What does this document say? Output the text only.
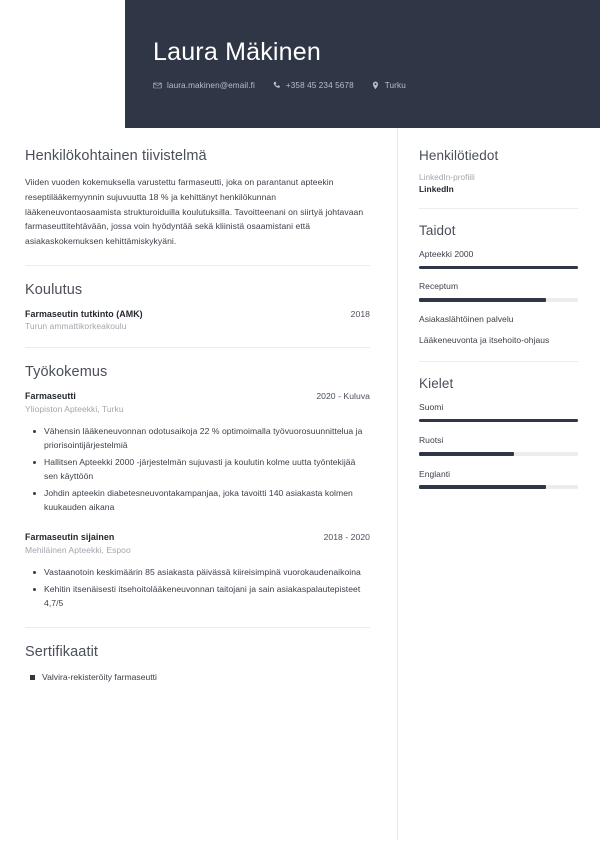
Laura Mäkinen
laura.makinen@email.fi	+358 45 234 5678	Turku
Henkilökohtainen tiivistelmä

Viiden vuoden kokemuksella varustettu farmaseutti, joka on parantanut apteekin reseptilääkemyynnin sujuvuutta 18 % ja kehittänyt henkilökunnan lääkeneuvontaosaamista strukturoiduilla koulutuksilla. Tavoitteenani on siirtyä johtavaan farmaseuttitehtävään, jossa voin hyödyntää sekä kliinistä osaamistani että asiakaskokemuksen kehittämiskykyäni.

Koulutus
Farmaseutin tutkinto (AMK)	2018
Turun ammattikorkeakoulu
Työkokemus
Farmaseutti	2020 - Kuluva
Yliopiston Apteekki, Turku
Vähensin lääkeneuvonnan odotusaikoja 22 % optimoimalla työvuorosuunnittelua ja priorisointijärjestelmiä
Hallitsen Apteekki 2000 -järjestelmän sujuvasti ja koulutin kolme uutta työntekijää sen käyttöön
Johdin apteekin diabetesneuvontakampanjaa, joka tavoitti 140 asiakasta kolmen kuukauden aikana
Farmaseutin sijainen	2018 - 2020
Mehiläinen Apteekki, Espoo
Vastaanotoin keskimäärin 85 asiakasta päivässä kiireisimpinä vuorokaudenaikoina
Kehitin itsenäisesti itsehoitolääkeneuvonnan taitojani ja sain asiakaspalautepisteet 4,7/5
Sertifikaatit
Valvira-rekisteröity farmaseutti
Henkilötiedot
LinkedIn-profiili
LinkedIn
Taidot
Apteekki 2000
Receptum
Asiakaslähtöinen palvelu
Lääkeneuvonta ja itsehoito-ohjaus
Kielet
Suomi
Ruotsi
Englanti
